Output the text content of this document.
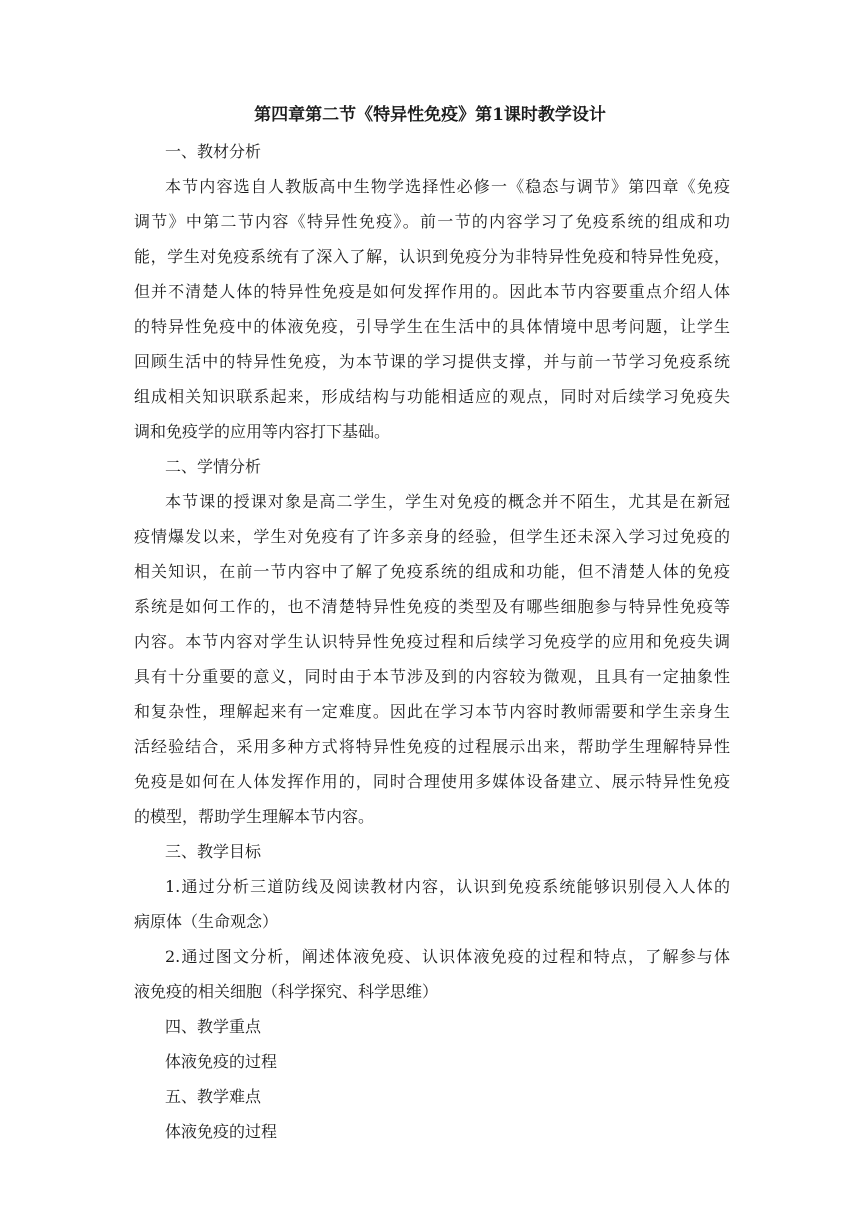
第四章第二节《特异性免疫》第1课时教学设计
一、教材分析
本节内容选自人教版高中生物学选择性必修一《稳态与调节》第四章《免疫
调节》中第二节内容《特异性免疫》。前一节的内容学习了免疫系统的组成和功
能，学生对免疫系统有了深入了解，认识到免疫分为非特异性免疫和特异性免疫，
但并不清楚人体的特异性免疫是如何发挥作用的。因此本节内容要重点介绍人体
的特异性免疫中的体液免疫，引导学生在生活中的具体情境中思考问题，让学生
回顾生活中的特异性免疫，为本节课的学习提供支撑，并与前一节学习免疫系统
组成相关知识联系起来，形成结构与功能相适应的观点，同时对后续学习免疫失
调和免疫学的应用等内容打下基础。
二、学情分析
本节课的授课对象是高二学生，学生对免疫的概念并不陌生，尤其是在新冠
疫情爆发以来，学生对免疫有了许多亲身的经验，但学生还未深入学习过免疫的
相关知识，在前一节内容中了解了免疫系统的组成和功能，但不清楚人体的免疫
系统是如何工作的，也不清楚特异性免疫的类型及有哪些细胞参与特异性免疫等
内容。本节内容对学生认识特异性免疫过程和后续学习免疫学的应用和免疫失调
具有十分重要的意义，同时由于本节涉及到的内容较为微观，且具有一定抽象性
和复杂性，理解起来有一定难度。因此在学习本节内容时教师需要和学生亲身生
活经验结合，采用多种方式将特异性免疫的过程展示出来，帮助学生理解特异性
免疫是如何在人体发挥作用的，同时合理使用多媒体设备建立、展示特异性免疫
的模型，帮助学生理解本节内容。
三、教学目标
1.通过分析三道防线及阅读教材内容，认识到免疫系统能够识别侵入人体的
病原体（生命观念）
2.通过图文分析，阐述体液免疫、认识体液免疫的过程和特点，了解参与体
液免疫的相关细胞（科学探究、科学思维）
四、教学重点
体液免疫的过程
五、教学难点
体液免疫的过程
